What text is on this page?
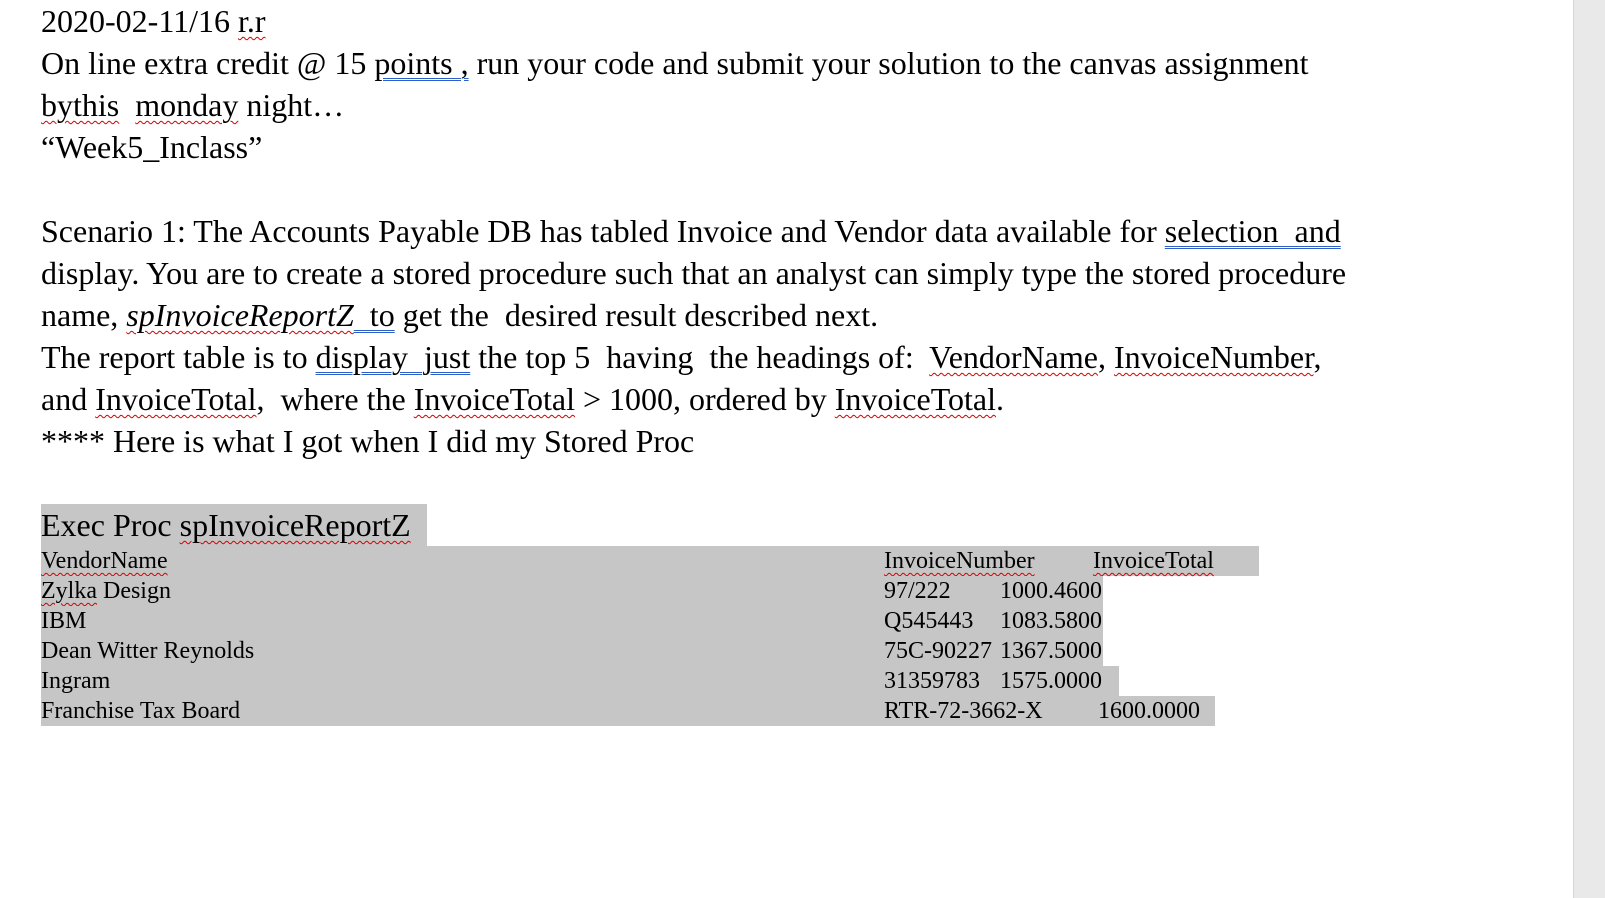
2020-02-11/16 r.r
On line extra credit @ 15 points , run your code and submit your solution to the canvas assignment
bythis monday night…
“Week5_Inclass”
Scenario 1: The Accounts Payable DB has tabled Invoice and Vendor data available for selection  and
display. You are to create a stored procedure such that an analyst can simply type the stored procedure
name, spInvoiceReportZ  to get the  desired result described next.
The report table is to display  just the top 5  having  the headings of:  VendorName, InvoiceNumber,
and InvoiceTotal,  where the InvoiceTotal > 1000, ordered by InvoiceTotal.
**** Here is what I got when I did my Stored Proc
Exec Proc spInvoiceReportZ
VendorName	InvoiceNumber InvoiceTotal
Zylka Design	97/222 1000.4600
IBM	Q545443 1083.5800
Dean Witter Reynolds	75C-90227 1367.5000
Ingram	31359783 1575.0000
Franchise Tax Board	RTR-72-3662-X 1600.0000
